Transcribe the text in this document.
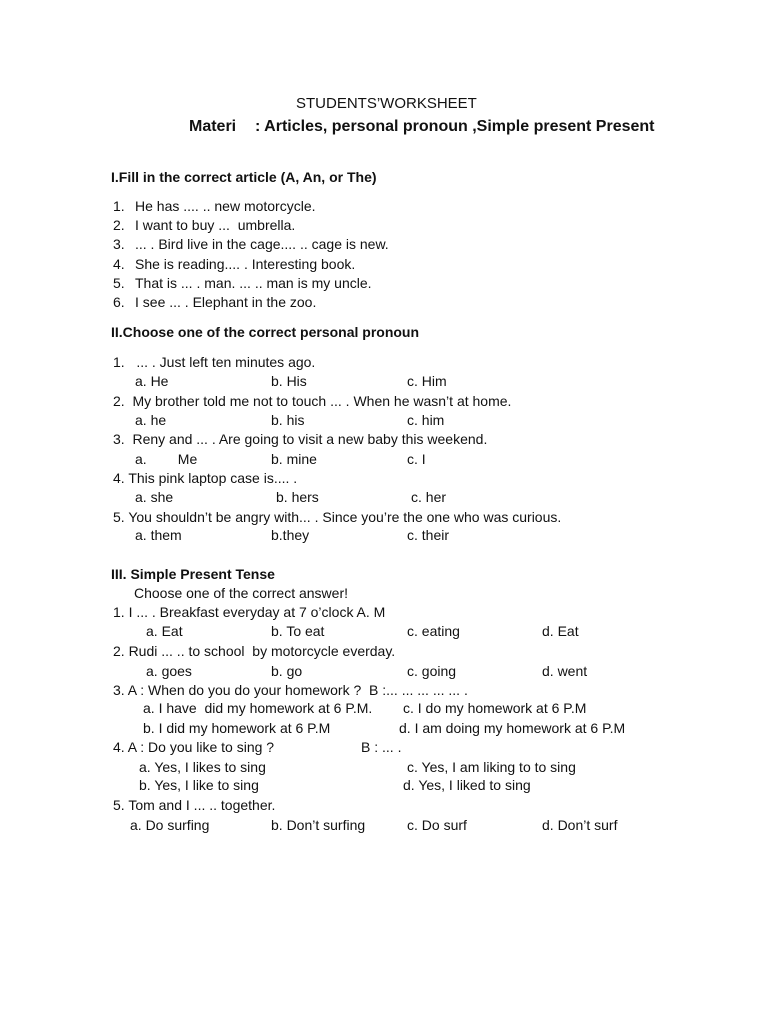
STUDENTS’WORKSHEET
Materi : Articles, personal pronoun ,Simple present Present
I.Fill in the correct article (A, An, or The)
1. He has .... .. new motorcycle.
2. I want to buy ...  umbrella.
3. ... . Bird live in the cage.... .. cage is new.
4. She is reading.... . Interesting book.
5. That is ... . man. ... .. man is my uncle.
6. I see ... . Elephant in the zoo.
II.Choose one of the correct personal pronoun
1.   ... . Just left ten minutes ago.
a. He	b. His	c. Him
2.  My brother told me not to touch ... . When he wasn’t at home.
a. he	b. his	c. him
3.  Reny and ... . Are going to visit a new baby this weekend.
a.        Me	b. mine	c. I
4. This pink laptop case is.... .
a. she	b. hers	c. her
5. You shouldn’t be angry with... . Since you’re the one who was curious.
a. them	b.they	c. their
III. Simple Present Tense
Choose one of the correct answer!
1. I ... . Breakfast everyday at 7 o’clock A. M
a. Eat	b. To eat	c. eating	d. Eat
2. Rudi ... .. to school  by motorcycle everday.
a. goes	b. go	c. going	d. went
3. A : When do you do your homework ?  B :... ... ... ... ... .
a. I have  did my homework at 6 P.M. c. I do my homework at 6 P.M
b. I did my homework at 6 P.M	d. I am doing my homework at 6 P.M
4. A : Do you like to sing ?	B : ... .
a. Yes, I likes to sing	c. Yes, I am liking to to sing
b. Yes, I like to sing	d. Yes, I liked to sing
5. Tom and I ... .. together.
a. Do surfing	b. Don’t surfing	c. Do surf	d. Don’t surf
